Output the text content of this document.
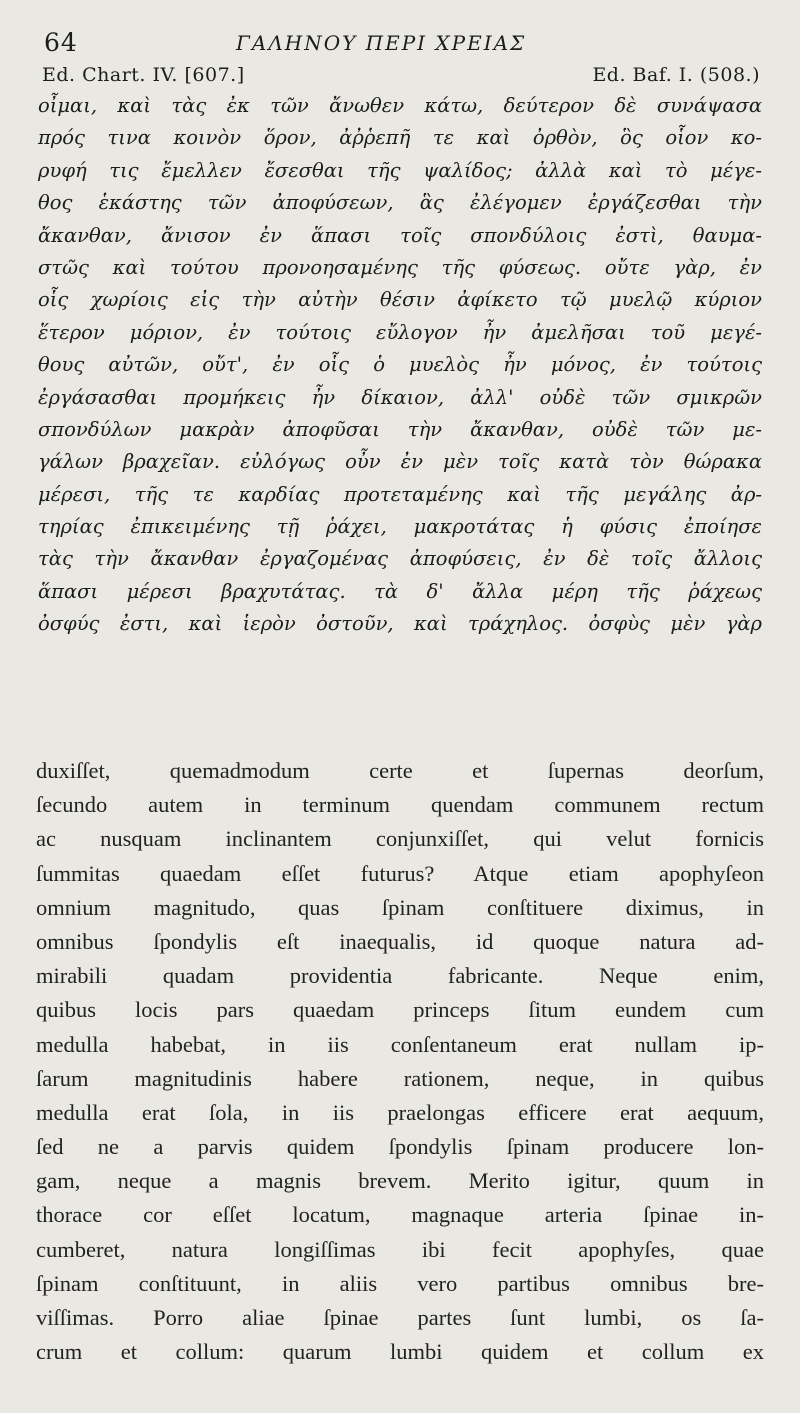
64	ΓΑΛΗΝΟΥ ΠΕΡΙ ΧΡΕΙΑΣ
Ed. Chart. IV. [607.]	Ed. Baf. I. (508.)
οἶμαι, καὶ τὰς ἐκ τῶν ἄνωθεν κάτω, δεύτερον δὲ συνάψασα
πρός τινα κοινὸν ὅρον, ἀῤῥεπῆ τε καὶ ὀρθὸν, ὃς οἷον κο-
ρυφή τις ἔμελλεν ἔσεσθαι τῆς ψαλίδος; ἀλλὰ καὶ τὸ μέγε-
θος ἑκάστης τῶν ἀποφύσεων, ἃς ἐλέγομεν ἐργάζεσθαι τὴν
ἄκανθαν, ἄνισον ἐν ἅπασι τοῖς σπονδύλοις ἐστὶ, θαυμα-
στῶς καὶ τούτου προνοησαμένης τῆς φύσεως. οὔτε γὰρ, ἐν
οἷς χωρίοις εἰς τὴν αὐτὴν θέσιν ἀφίκετο τῷ μυελῷ κύριον
ἕτερον μόριον, ἐν τούτοις εὔλογον ἦν ἀμελῆσαι τοῦ μεγέ-
θους αὐτῶν, οὔτ', ἐν οἷς ὁ μυελὸς ἦν μόνος, ἐν τούτοις
ἐργάσασθαι προμήκεις ἦν δίκαιον, ἀλλ' οὐδὲ τῶν σμικρῶν
σπονδύλων μακρὰν ἀποφῦσαι τὴν ἄκανθαν, οὐδὲ τῶν με-
γάλων βραχεῖαν. εὐλόγως οὖν ἐν μὲν τοῖς κατὰ τὸν θώρακα
μέρεσι, τῆς τε καρδίας προτεταμένης καὶ τῆς μεγάλης ἀρ-
τηρίας ἐπικειμένης τῇ ῥάχει, μακροτάτας ἡ φύσις ἐποίησε
τὰς τὴν ἄκανθαν ἐργαζομένας ἀποφύσεις, ἐν δὲ τοῖς ἄλλοις
ἅπασι μέρεσι βραχυτάτας. τὰ δ' ἄλλα μέρη τῆς ῥάχεως
ὀσφύς ἐστι, καὶ ἱερὸν ὀστοῦν, καὶ τράχηλος. ὀσφὺς μὲν γὰρ
duxiſſet, quemadmodum certe et ſupernas deorſum,
ſecundo autem in terminum quendam communem rectum
ac nusquam inclinantem conjunxiſſet, qui velut fornicis
ſummitas quaedam eſſet futurus? Atque etiam apophyſeon
omnium magnitudo, quas ſpinam conſtituere diximus, in
omnibus ſpondylis eſt inaequalis, id quoque natura ad-
mirabili quadam providentia fabricante. Neque enim,
quibus locis pars quaedam princeps ſitum eundem cum
medulla habebat, in iis conſentaneum erat nullam ip-
ſarum magnitudinis habere rationem, neque, in quibus
medulla erat ſola, in iis praelongas efficere erat aequum,
ſed ne a parvis quidem ſpondylis ſpinam producere lon-
gam, neque a magnis brevem. Merito igitur, quum in
thorace cor eſſet locatum, magnaque arteria ſpinae in-
cumberet, natura longiſſimas ibi fecit apophyſes, quae
ſpinam conſtituunt, in aliis vero partibus omnibus bre-
viſſimas. Porro aliae ſpinae partes ſunt lumbi, os ſa-
crum et collum: quarum lumbi quidem et collum ex
